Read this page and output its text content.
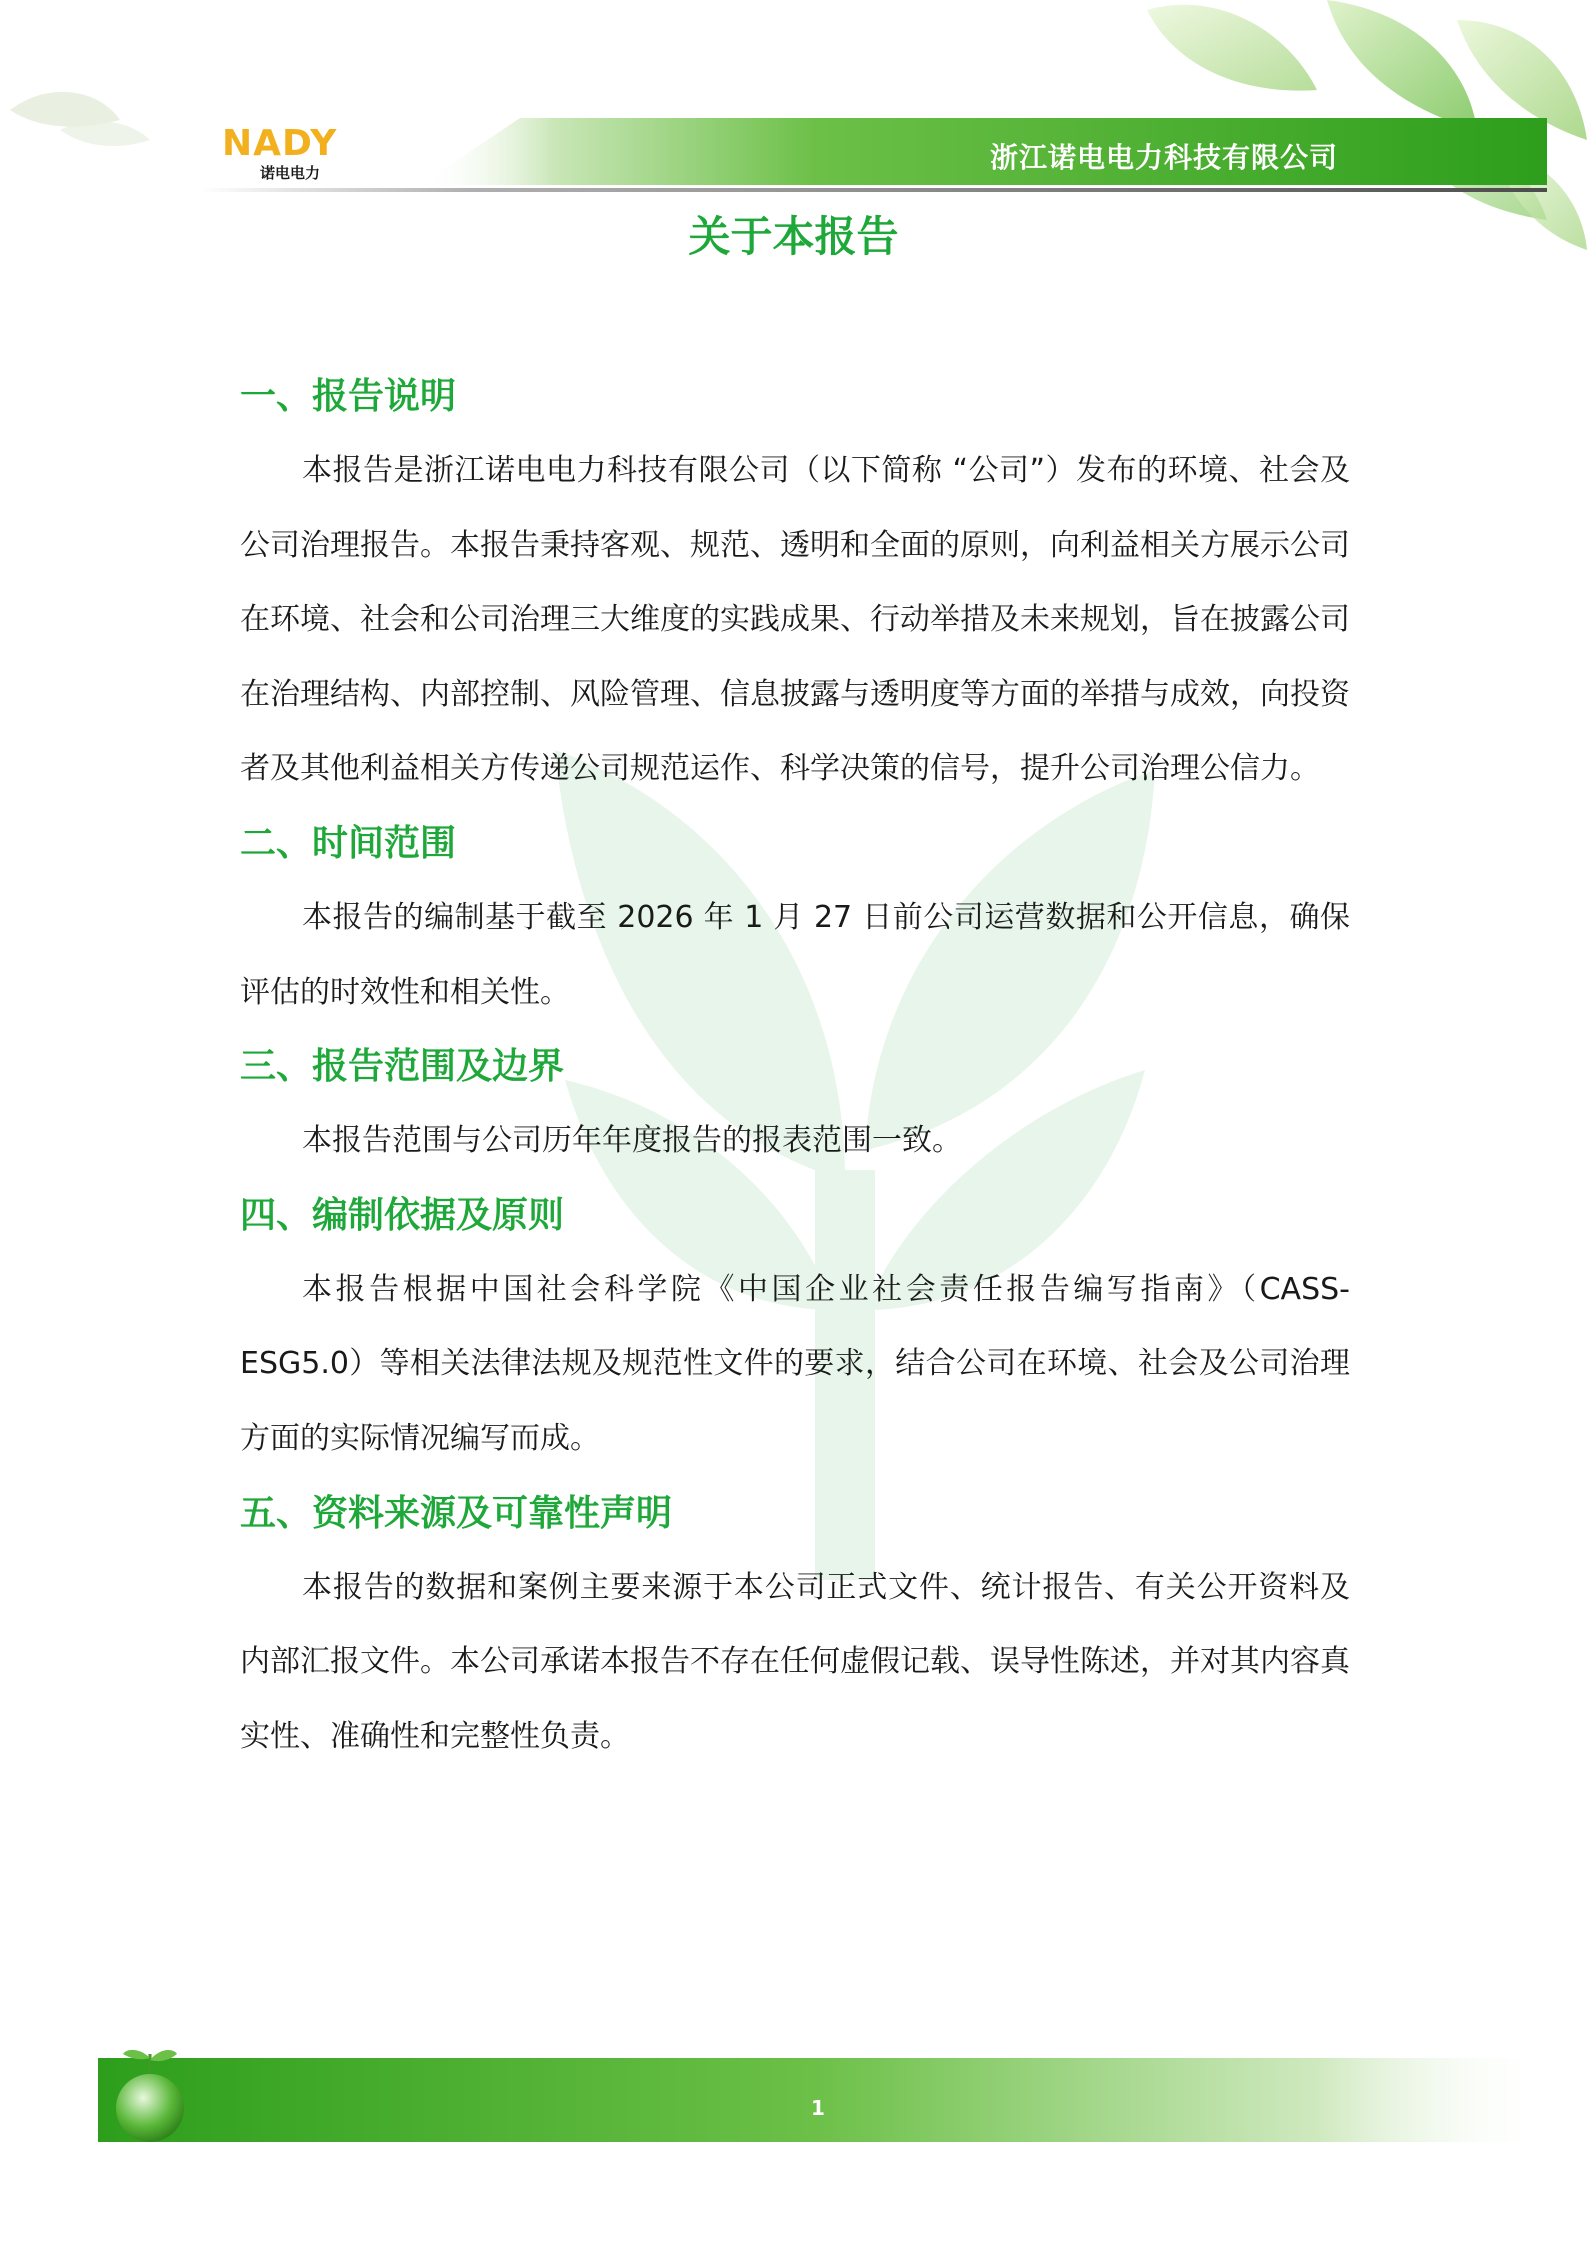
NADY
诺电电力	浙江诺电电力科技有限公司
关于本报告
一、报告说明

本报告是浙江诺电电力科技有限公司（以下简称 “公司”）发布的环境、社会及公司治理报告。本报告秉持客观、规范、透明和全面的原则，向利益相关方展示公司在环境、社会和公司治理三大维度的实践成果、行动举措及未来规划，旨在披露公司在治理结构、内部控制、风险管理、信息披露与透明度等方面的举措与成效，向投资者及其他利益相关方传递公司规范运作、科学决策的信号，提升公司治理公信力。

二、时间范围

本报告的编制基于截至 2026 年 1 月 27 日前公司运营数据和公开信息，确保评估的时效性和相关性。

三、报告范围及边界

本报告范围与公司历年年度报告的报表范围一致。

四、编制依据及原则

本报告根据中国社会科学院《中国企业社会责任报告编写指南》（CASS-ESG5.0）等相关法律法规及规范性文件的要求，结合公司在环境、社会及公司治理方面的实际情况编写而成。

五、资料来源及可靠性声明

本报告的数据和案例主要来源于本公司正式文件、统计报告、有关公开资料及内部汇报文件。本公司承诺本报告不存在任何虚假记载、误导性陈述，并对其内容真实性、准确性和完整性负责。

1
